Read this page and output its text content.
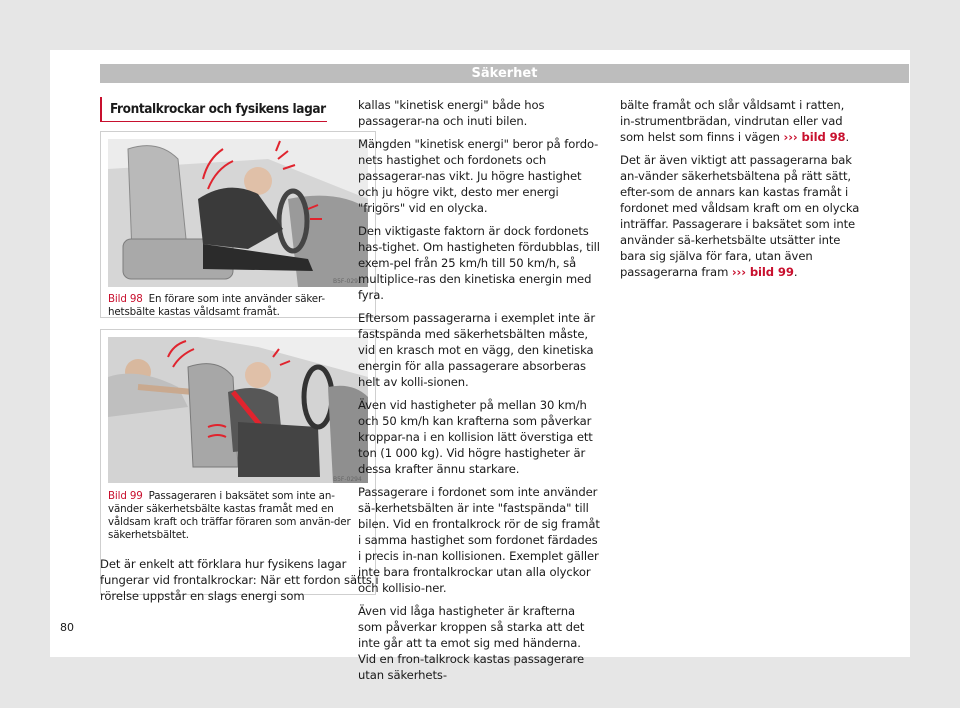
Säkerhet
Frontalkrockar och fysikens lagar
B5F-0293
Bild 98 En förare som inte använder säker-hetsbälte kastas våldsamt framåt.
B5F-0294
Bild 99 Passageraren i baksätet som inte an-vänder säkerhetsbälte kastas framåt med en våldsam kraft och träffar föraren som använ-der säkerhetsbältet.

Det är enkelt att förklara hur fysikens lagar fungerar vid frontalkrockar: När ett fordon sätts i rörelse uppstår en slags energi som

kallas "kinetisk energi" både hos passagerar-na och inuti bilen.

Mängden "kinetisk energi" beror på fordo-nets hastighet och fordonets och passagerar-nas vikt. Ju högre hastighet och ju högre vikt, desto mer energi "frigörs" vid en olycka.

Den viktigaste faktorn är dock fordonets has-tighet. Om hastigheten fördubblas, till exem-pel från 25 km/h till 50 km/h, så multiplice-ras den kinetiska energin med fyra.

Eftersom passagerarna i exemplet inte är fastspända med säkerhetsbälten måste, vid en krasch mot en vägg, den kinetiska energin för alla passagerare absorberas helt av kolli-sionen.

Även vid hastigheter på mellan 30 km/h och 50 km/h kan krafterna som påverkar kroppar-na i en kollision lätt överstiga ett ton (1 000 kg). Vid högre hastigheter är dessa krafter ännu starkare.

Passagerare i fordonet som inte använder sä-kerhetsbälten är inte "fastspända" till bilen. Vid en frontalkrock rör de sig framåt i samma hastighet som fordonet färdades i precis in-nan kollisionen. Exemplet gäller inte bara frontalkrockar utan alla olyckor och kollisio-ner.

Även vid låga hastigheter är krafterna som påverkar kroppen så starka att det inte går att ta emot sig med händerna. Vid en fron-talkrock kastas passagerare utan säkerhets-

bälte framåt och slår våldsamt i ratten, in-strumentbrädan, vindrutan eller vad som helst som finns i vägen ››› bild 98.

Det är även viktigt att passagerarna bak an-vänder säkerhetsbältena på rätt sätt, efter-som de annars kan kastas framåt i fordonet med våldsam kraft om en olycka inträffar. Passagerare i baksätet som inte använder sä-kerhetsbälte utsätter inte bara sig själva för fara, utan även passagerarna fram ››› bild 99.

80
